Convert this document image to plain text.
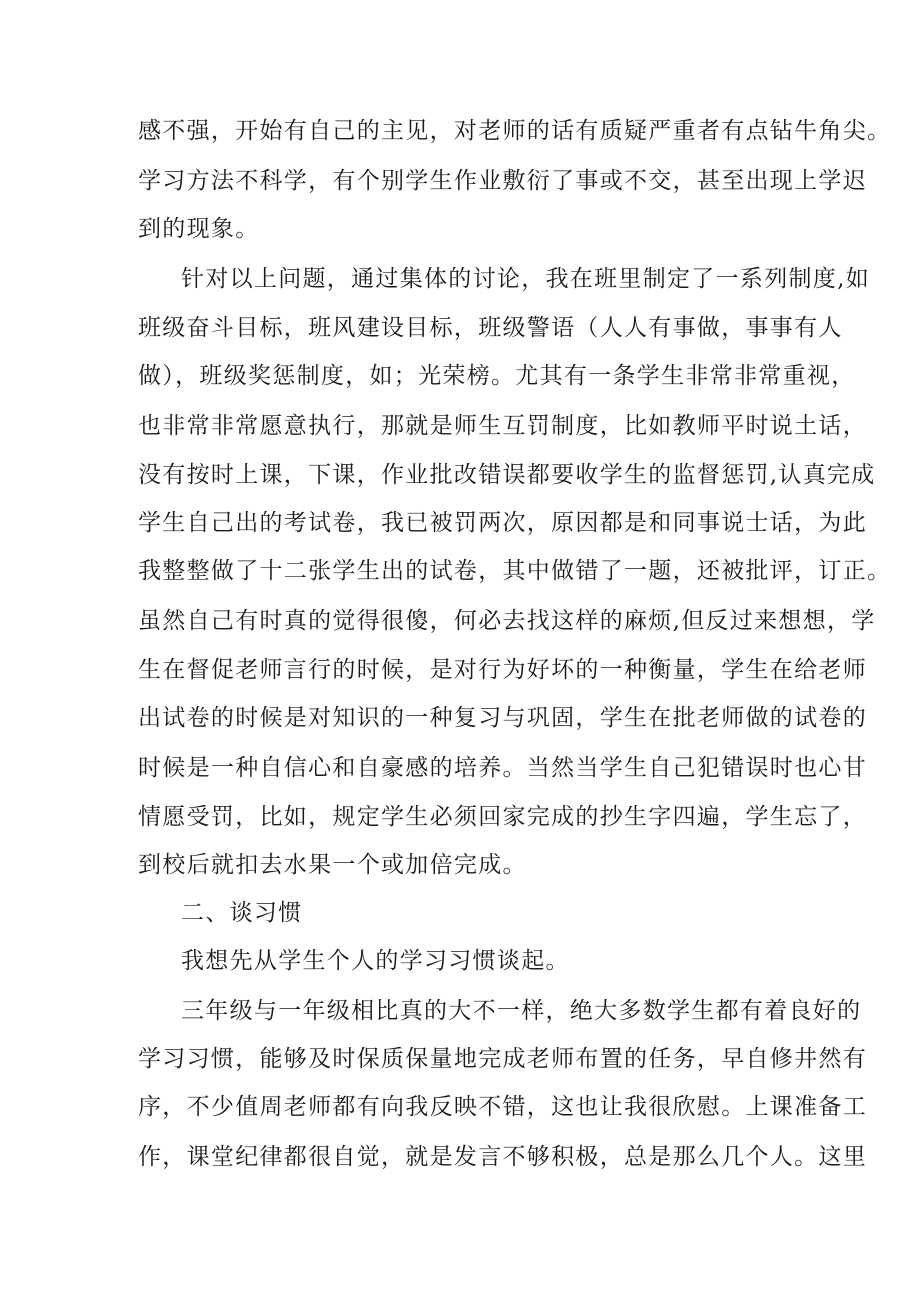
感不强，开始有自己的主见，对老师的话有质疑严重者有点钻牛角尖。
学习方法不科学，有个别学生作业敷衍了事或不交，甚至出现上学迟
到的现象。
针对以上问题，通过集体的讨论，我在班里制定了一系列制度,如
班级奋斗目标，班风建设目标，班级警语（人人有事做，事事有人
做），班级奖惩制度，如；光荣榜。尤其有一条学生非常非常重视，
也非常非常愿意执行，那就是师生互罚制度，比如教师平时说土话，
没有按时上课，下课，作业批改错误都要收学生的监督惩罚,认真完成
学生自己出的考试卷，我已被罚两次，原因都是和同事说士话，为此
我整整做了十二张学生出的试卷，其中做错了一题，还被批评，订正。
虽然自己有时真的觉得很傻，何必去找这样的麻烦,但反过来想想，学
生在督促老师言行的时候，是对行为好坏的一种衡量，学生在给老师
出试卷的时候是对知识的一种复习与巩固，学生在批老师做的试卷的
时候是一种自信心和自豪感的培养。当然当学生自己犯错误时也心甘
情愿受罚，比如，规定学生必须回家完成的抄生字四遍，学生忘了，
到校后就扣去水果一个或加倍完成。
二、谈习惯
我想先从学生个人的学习习惯谈起。
三年级与一年级相比真的大不一样，绝大多数学生都有着良好的
学习习惯，能够及时保质保量地完成老师布置的任务，早自修井然有
序，不少值周老师都有向我反映不错，这也让我很欣慰。上课准备工
作，课堂纪律都很自觉，就是发言不够积极，总是那么几个人。这里
